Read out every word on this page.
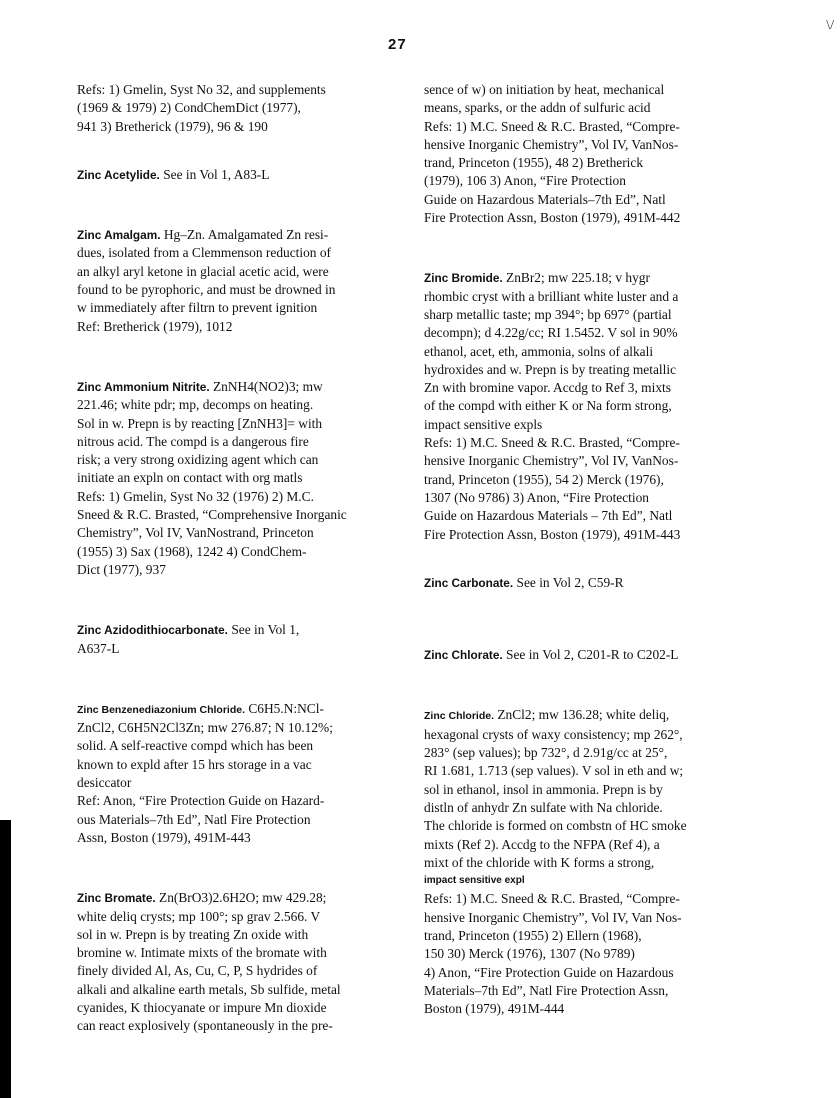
27
\/
Refs: 1) Gmelin, Syst No 32, and supplements
(1969 & 1979) 2) CondChemDict (1977),
941 3) Bretherick (1979), 96 & 190
Zinc Acetylide. See in Vol 1, A83-L
Zinc Amalgam. Hg–Zn. Amalgamated Zn resi-
dues, isolated from a Clemmenson reduction of
an alkyl aryl ketone in glacial acetic acid, were
found to be pyrophoric, and must be drowned in
w immediately after filtrn to prevent ignition
Ref: Bretherick (1979), 1012
Zinc Ammonium Nitrite. ZnNH4(NO2)3; mw
221.46; white pdr; mp, decomps on heating.
Sol in w. Prepn is by reacting [ZnNH3]= with
nitrous acid. The compd is a dangerous fire
risk; a very strong oxidizing agent which can
initiate an expln on contact with org matls
Refs: 1) Gmelin, Syst No 32 (1976) 2) M.C.
Sneed & R.C. Brasted, “Comprehensive Inorganic
Chemistry”, Vol IV, VanNostrand, Princeton
(1955) 3) Sax (1968), 1242 4) CondChem-
Dict (1977), 937
Zinc Azidodithiocarbonate. See in Vol 1,
A637-L
Zinc Benzenediazonium Chloride. C6H5.N:NCl-
ZnCl2, C6H5N2Cl3Zn; mw 276.87; N 10.12%;
solid. A self-reactive compd which has been
known to expld after 15 hrs storage in a vac
desiccator
Ref: Anon, “Fire Protection Guide on Hazard-
ous Materials–7th Ed”, Natl Fire Protection
Assn, Boston (1979), 491M-443
Zinc Bromate. Zn(BrO3)2.6H2O; mw 429.28;
white deliq crysts; mp 100°; sp grav 2.566. V
sol in w. Prepn is by treating Zn oxide with
bromine w. Intimate mixts of the bromate with
finely divided Al, As, Cu, C, P, S hydrides of
alkali and alkaline earth metals, Sb sulfide, metal
cyanides, K thiocyanate or impure Mn dioxide
can react explosively (spontaneously in the pre-
sence of w) on initiation by heat, mechanical
means, sparks, or the addn of sulfuric acid
Refs: 1) M.C. Sneed & R.C. Brasted, “Compre-
hensive Inorganic Chemistry”, Vol IV, VanNos-
trand, Princeton (1955), 48 2) Bretherick
(1979), 106 3) Anon, “Fire Protection
Guide on Hazardous Materials–7th Ed”, Natl
Fire Protection Assn, Boston (1979), 491M-442
Zinc Bromide. ZnBr2; mw 225.18; v hygr
rhombic cryst with a brilliant white luster and a
sharp metallic taste; mp 394°; bp 697° (partial
decompn); d 4.22g/cc; RI 1.5452. V sol in 90%
ethanol, acet, eth, ammonia, solns of alkali
hydroxides and w. Prepn is by treating metallic
Zn with bromine vapor. Accdg to Ref 3, mixts
of the compd with either K or Na form strong,
impact sensitive expls
Refs: 1) M.C. Sneed & R.C. Brasted, “Compre-
hensive Inorganic Chemistry”, Vol IV, VanNos-
trand, Princeton (1955), 54 2) Merck (1976),
1307 (No 9786) 3) Anon, “Fire Protection
Guide on Hazardous Materials – 7th Ed”, Natl
Fire Protection Assn, Boston (1979), 491M-443
Zinc Carbonate. See in Vol 2, C59-R
Zinc Chlorate. See in Vol 2, C201-R to C202-L
Zinc Chloride. ZnCl2; mw 136.28; white deliq,
hexagonal crysts of waxy consistency; mp 262°,
283° (sep values); bp 732°, d 2.91g/cc at 25°,
RI 1.681, 1.713 (sep values). V sol in eth and w;
sol in ethanol, insol in ammonia. Prepn is by
distln of anhydr Zn sulfate with Na chloride.
The chloride is formed on combstn of HC smoke
mixts (Ref 2). Accdg to the NFPA (Ref 4), a
mixt of the chloride with K forms a strong,
impact sensitive expl
Refs: 1) M.C. Sneed & R.C. Brasted, “Compre-
hensive Inorganic Chemistry”, Vol IV, Van Nos-
trand, Princeton (1955) 2) Ellern (1968),
150 30) Merck (1976), 1307 (No 9789)
4) Anon, “Fire Protection Guide on Hazardous
Materials–7th Ed”, Natl Fire Protection Assn,
Boston (1979), 491M-444
